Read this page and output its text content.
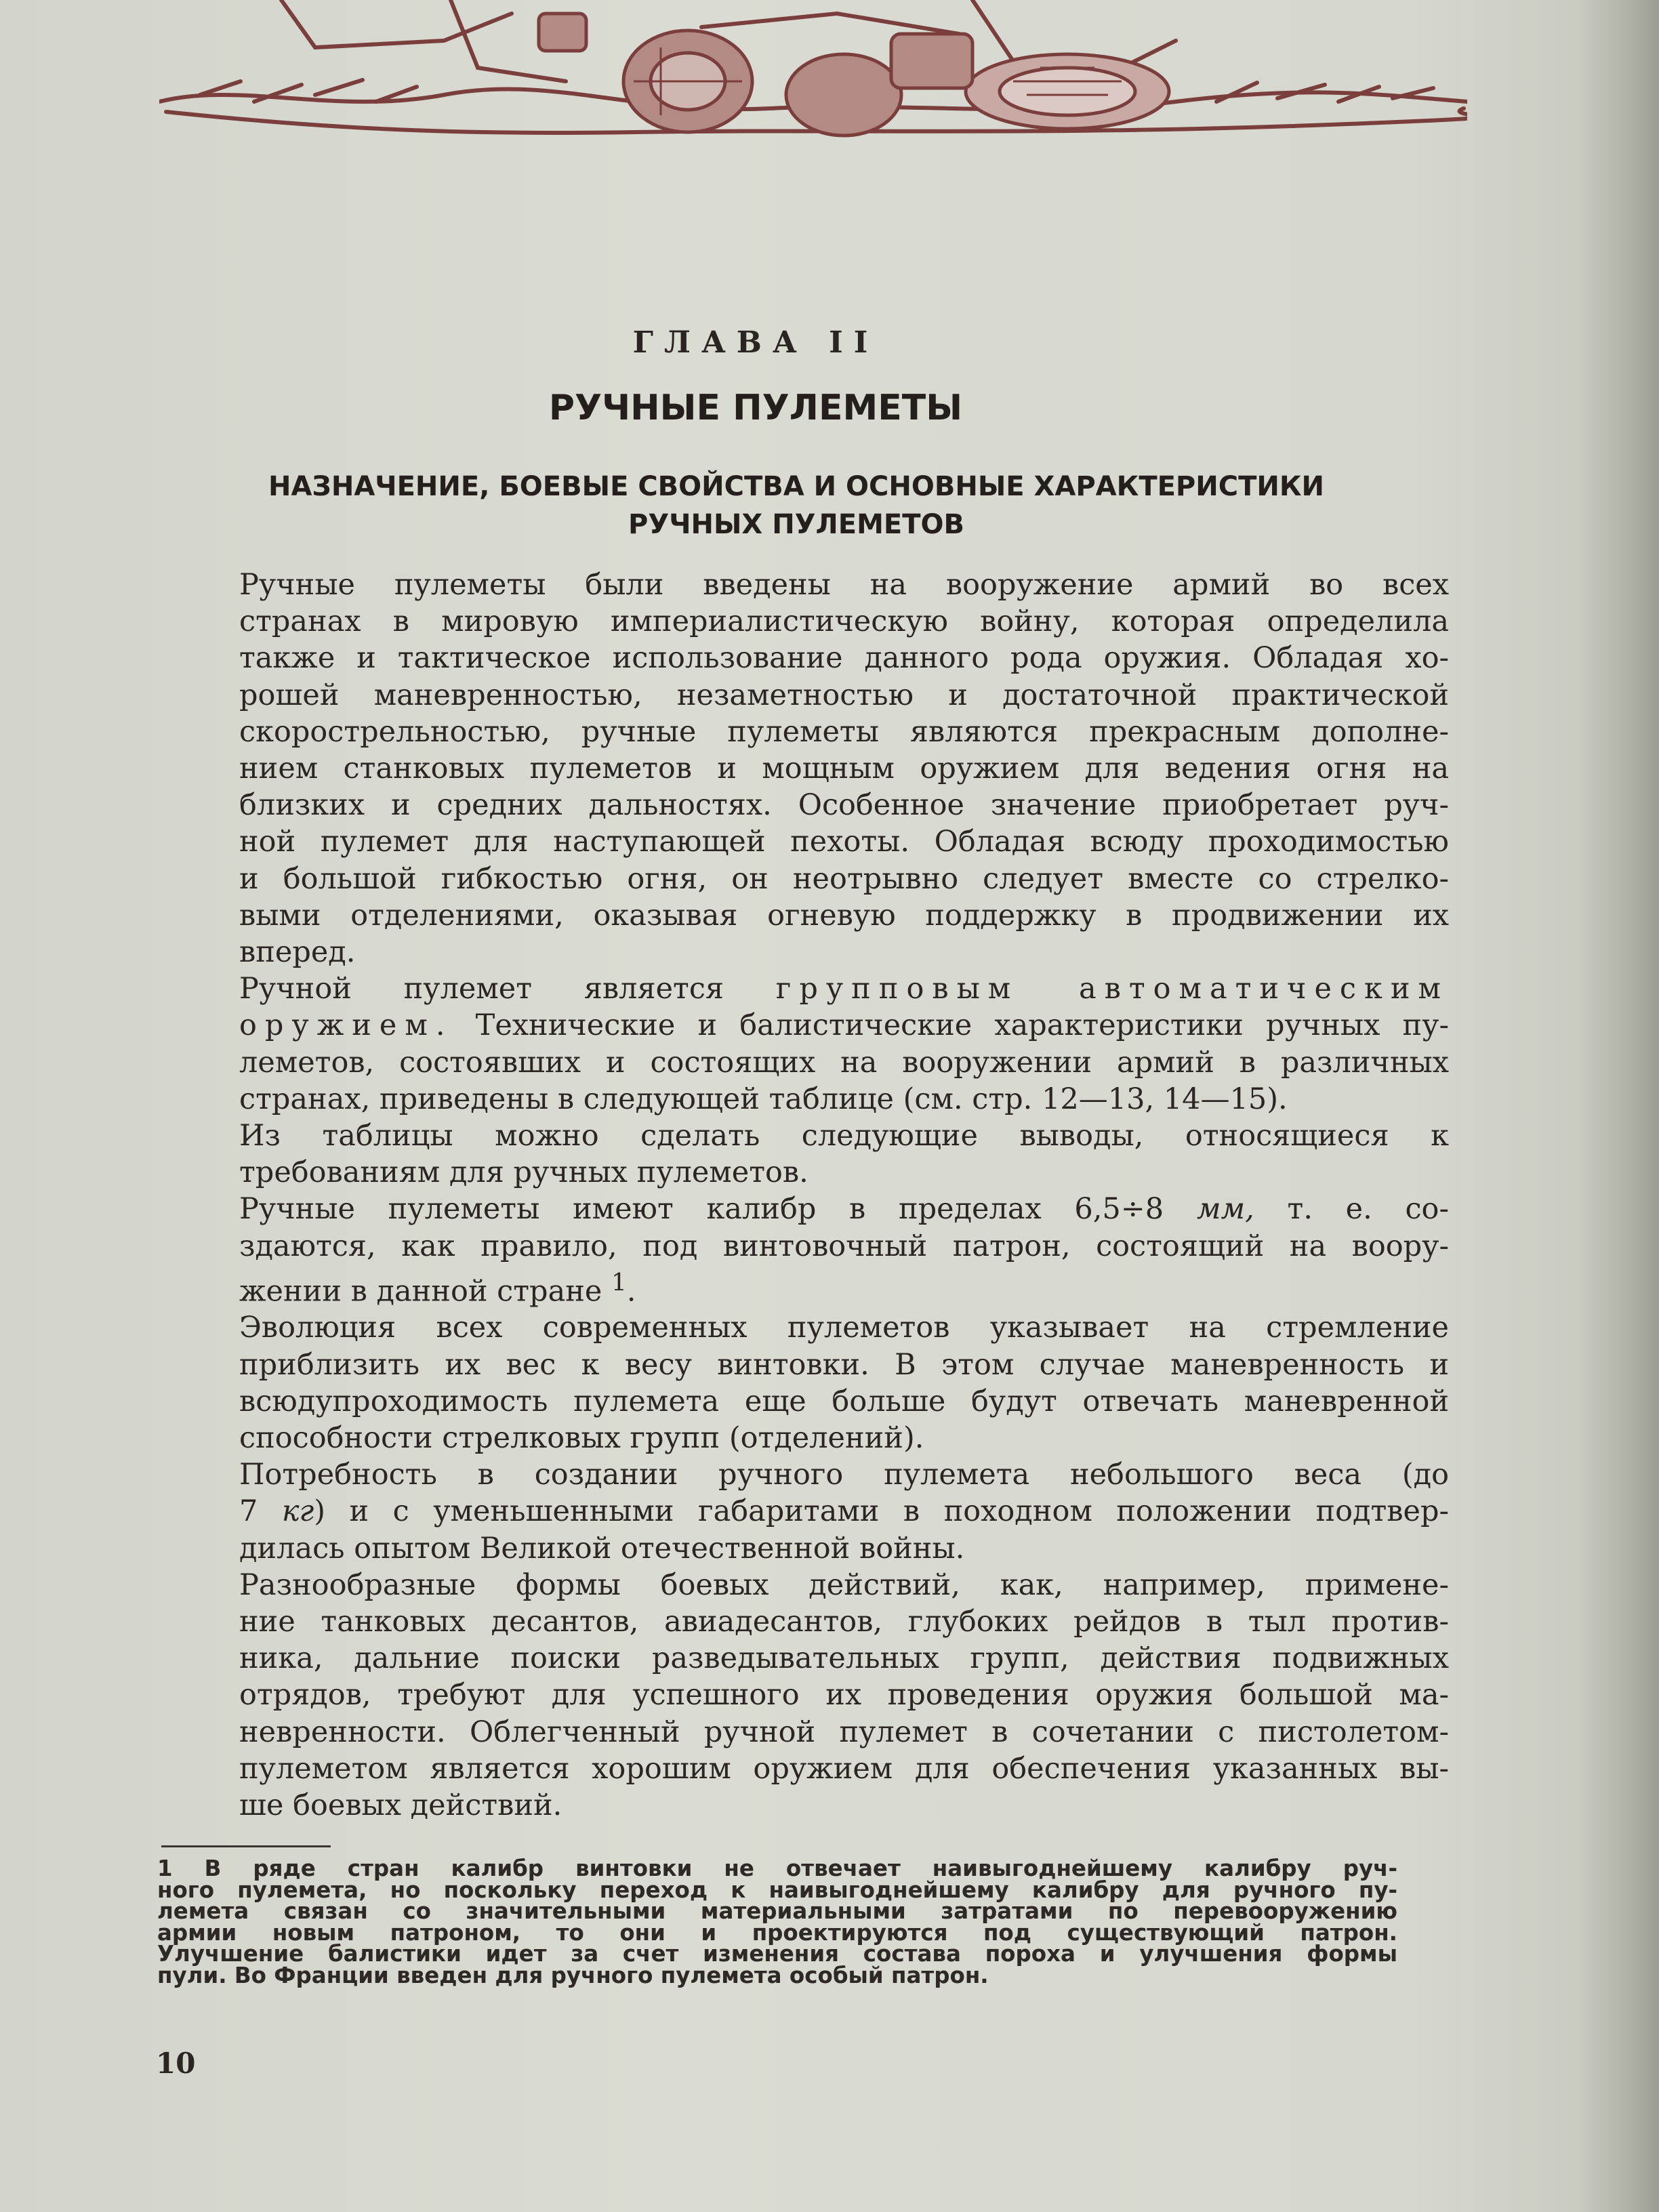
ГЛАВА II
РУЧНЫЕ ПУЛЕМЕТЫ
НАЗНАЧЕНИЕ, БОЕВЫЕ СВОЙСТВА И ОСНОВНЫЕ ХАРАКТЕРИСТИКИ
РУЧНЫХ ПУЛЕМЕТОВ

Ручные пулеметы были введены на вооружение армий во всех
странах в мировую империалистическую войну, которая определила
также и тактическое использование данного рода оружия. Обладая хо-
рошей маневренностью, незаметностью и достаточной практической
скорострельностью, ручные пулеметы являются прекрасным дополне-
нием станковых пулеметов и мощным оружием для ведения огня на
близких и средних дальностях. Особенное значение приобретает руч-
ной пулемет для наступающей пехоты. Обладая всюду проходимостью
и большой гибкостью огня, он неотрывно следует вместе со стрелко-
выми отделениями, оказывая огневую поддержку в продвижении их
вперед.

Ручной пулемет является групповым автоматическим
оружием. Технические и балистические характеристики ручных пу-
леметов, состоявших и состоящих на вооружении армий в различных
странах, приведены в следующей таблице (см. стр. 12—13, 14—15).

Из таблицы можно сделать следующие выводы, относящиеся к
требованиям для ручных пулеметов.

Ручные пулеметы имеют калибр в пределах 6,5÷8 мм, т. е. со-
здаются, как правило, под винтовочный патрон, состоящий на воору-
жении в данной стране $^1$.

Эволюция всех современных пулеметов указывает на стремление
приблизить их вес к весу винтовки. В этом случае маневренность и
всюдупроходимость пулемета еще больше будут отвечать маневренной
способности стрелковых групп (отделений).

Потребность в создании ручного пулемета небольшого веса (до
7 кг) и с уменьшенными габаритами в походном положении подтвер-
дилась опытом Великой отечественной войны.

Разнообразные формы боевых действий, как, например, примене-
ние танковых десантов, авиадесантов, глубоких рейдов в тыл против-
ника, дальние поиски разведывательных групп, действия подвижных
отрядов, требуют для успешного их проведения оружия большой ма-
невренности. Облегченный ручной пулемет в сочетании с пистолетом-
пулеметом является хорошим оружием для обеспечения указанных вы-
ше боевых действий.

1 В ряде стран калибр винтовки не отвечает наивыгоднейшему калибру руч-
ного пулемета, но поскольку переход к наивыгоднейшему калибру для ручного пу-
лемета связан со значительными материальными затратами по перевооружению
армии новым патроном, то они и проектируются под существующий патрон.
Улучшение балистики идет за счет изменения состава пороха и улучшения формы
пули. Во Франции введен для ручного пулемета особый патрон.
10
